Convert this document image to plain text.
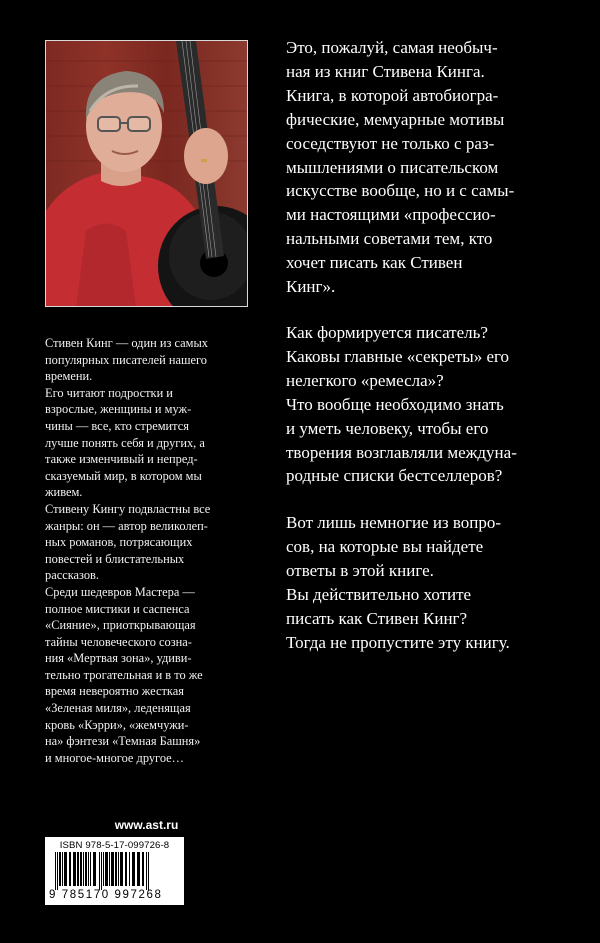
Стивен Кинг — один из самых

популярных писателей нашего

времени.

Его читают подростки и

взрослые, женщины и муж-

чины — все, кто стремится

лучше понять себя и других, а

также изменчивый и непред-

сказуемый мир, в котором мы

живем.

Стивену Кингу подвластны все

жанры: он — автор великолеп-

ных романов, потрясающих

повестей и блистательных

рассказов.

Среди шедевров Мастера —

полное мистики и саспенса

«Сияние», приоткрывающая

тайны человеческого созна-

ния «Мертвая зона», удиви-

тельно трогательная и в то же

время невероятно жесткая

«Зеленая миля», леденящая

кровь «Кэрри», «жемчужи-

на» фэнтези «Темная Башня»

и многое-многое другое…

www.ast.ru
ISBN 978-5-17-099726-8
9 785170 997268

Это, пожалуй, самая необыч-

ная из книг Стивена Кинга.

Книга, в которой автобиогра-

фические, мемуарные мотивы

соседствуют не только с раз-

мышлениями о писательском

искусстве вообще, но и с самы-

ми настоящими «профессио-

нальными советами тем, кто

хочет писать как Стивен

Кинг».

Как формируется писатель?

Каковы главные «секреты» его

нелегкого «ремесла»?

Что вообще необходимо знать

и уметь человеку, чтобы его

творения возглавляли междуна-

родные списки бестселлеров?

Вот лишь немногие из вопро-

сов, на которые вы найдете

ответы в этой книге.

Вы действительно хотите

писать как Стивен Кинг?

Тогда не пропустите эту книгу.
